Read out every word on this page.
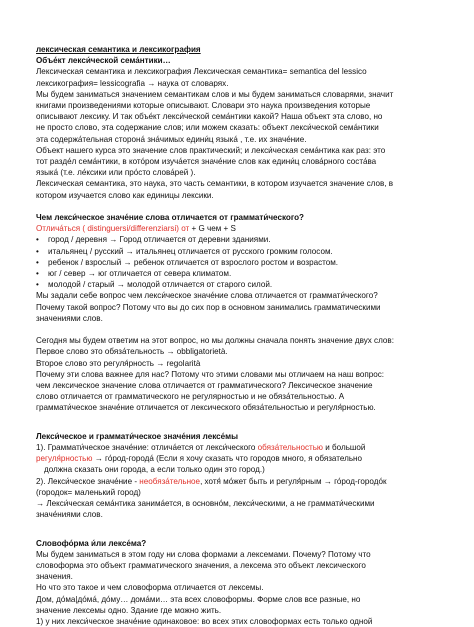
лексическая семантика и лексикография
Объе́кт лекси́ческой сема́нтики…
Лексическая семантика и лексикография Лексическая семантика= semantica del lessico
лексикография= lessicografia → наука от словарях.
Мы будем заниматься значением семантикам слов и мы будем заниматься словарями, значит
книгами произведениями которые описывают. Словари это наука произведения которые
описывают лексику. И так объе́кт лекси́ческой сема́нтики какой? Наша объект эта слово, но
не просто слово, эта содержание слов; или можем сказать: объект лекси́ческой сема́нтики
эта содержа́тельная сторона́ зна́чимых едини́ц языка́ , т.е. их значе́ние.
Объект нашего курса это значение слов практический; и лекси́ческая сема́нтика как раз: это
тот разде́л сема́нтики, в кото́ром изуча́ется значе́ние слов как едини́ц слова́рного соста́ва
языка́ (т.е. ле́ксики или про́сто слова́рей ).
Лексическая семантика, это наука, это часть семантики, в котором изучается значение слов, в
котором изучается слово как единицы лексики.
Чем лекси́ческое значе́ние слова отличается от граммати́ческого?
Отлича́ться ( distinguersi/differenziarsi) от + G чем + S
• город / деревня → Город отличается от деревни зданиями.
• итальянец / русский → итальянец отличается от русского громким голосом.
• ребенок / взрослый → ребенок отличается от взрослого ростом и возрастом.
• юг / север → юг отличается от севера климатом.
• молодой / старый → молодой отличается от старого силой.
Мы задали себе вопрос чем лекси́ческое значе́ние слова отличается от граммати́ческого?
Почему такой вопрос? Потому что вы до сих пор в основном занимались грамматическими
значениями слов.
Сегодня мы будем ответим на этот вопрос, но мы должны сначала понять значение двух слов:
Первое слово это обяза́тельность → obbligatorietà.
Второе слово это регуля́рность → regolarità
Почему эти слова важнее для нас? Потому что этими словами мы отличаем на наш вопрос:
чем лексическое значение слова отличается от грамматического? Лексическое значение
слово отличается от грамматического не регулярностью и не обяза́тельностью. А
граммати́ческое значе́ние отличается от лексического обяза́тельностью и регуля́рностью.
Лекси́ческое и граммати́ческое значе́ния лексе́мы
1). Граммати́ческое значе́ние: отлича́ется от лекси́ческого обяза́тельностью и большой
регуля́рностью → го́род-города́ (Если я хочу сказать что городов много, я обязательно
должна сказать они города, а если только один это город.)
2). Лекси́ческое значе́ние - необяза́тельное, хотя́ мо́жет быть и регуля́рным → го́род-городо́к
(городок= маленький город)
→ Лекси́ческая сема́нтика занима́ется, в основно́м, лекси́ческими, а не граммати́ческими
значе́ниями слов.
Словофо́рма и́ли лексе́ма?
Мы будем заниматься в этом году ни слова формами а лексемами. Почему? Потому что
словоформа это объект грамматического значения, а лексема это объект лексического
значения.
Но что это такое и чем словоформа отличается от лексемы.
Дом, до́ма|до́ма́, до́му… дома́ми… эта всех словоформы. Форме слов все разные, но
значение лексемы одно. Здание где можно жить.
1) у них лекси́ческое значе́ние одинаковое: во всех этих словоформах есть только одной
